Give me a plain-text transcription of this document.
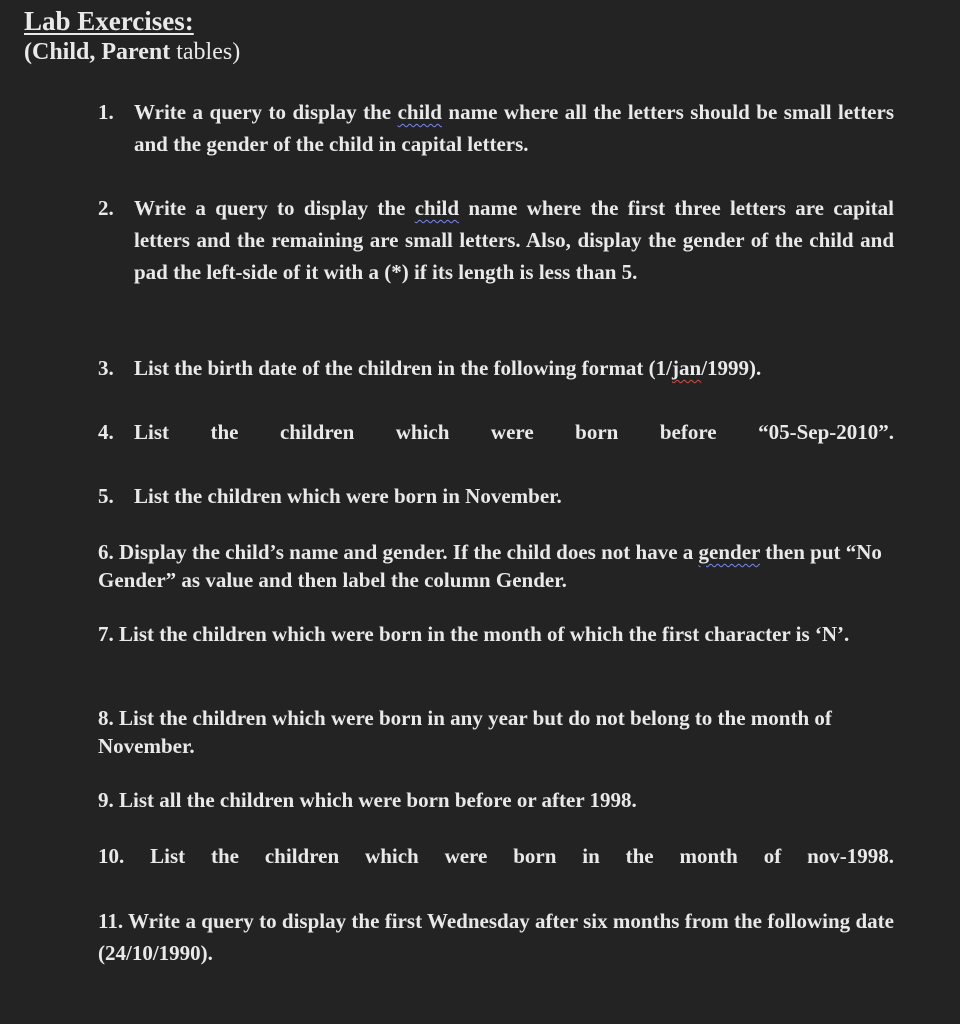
Lab Exercises:
(Child, Parent tables)
1. Write a query to display the child name where all the letters should be small letters and the gender of the child in capital letters.
2. Write a query to display the child name where the first three letters are capital letters and the remaining are small letters. Also, display the gender of the child and pad the left-side of it with a (*) if its length is less than 5.
3. List the birth date of the children in the following format (1/jan/1999).
4. List the children which were born before “05-Sep-2010”.
5. List the children which were born in November.
6. Display the child’s name and gender. If the child does not have a gender then put “No Gender” as value and then label the column Gender.
7. List the children which were born in the month of which the first character is ‘N’.
8. List the children which were born in any year but do not belong to the month of November.
9. List all the children which were born before or after 1998.
10. List the children which were born in the month of nov-1998.
11. Write a query to display the first Wednesday after six months from the following date (24/10/1990).
